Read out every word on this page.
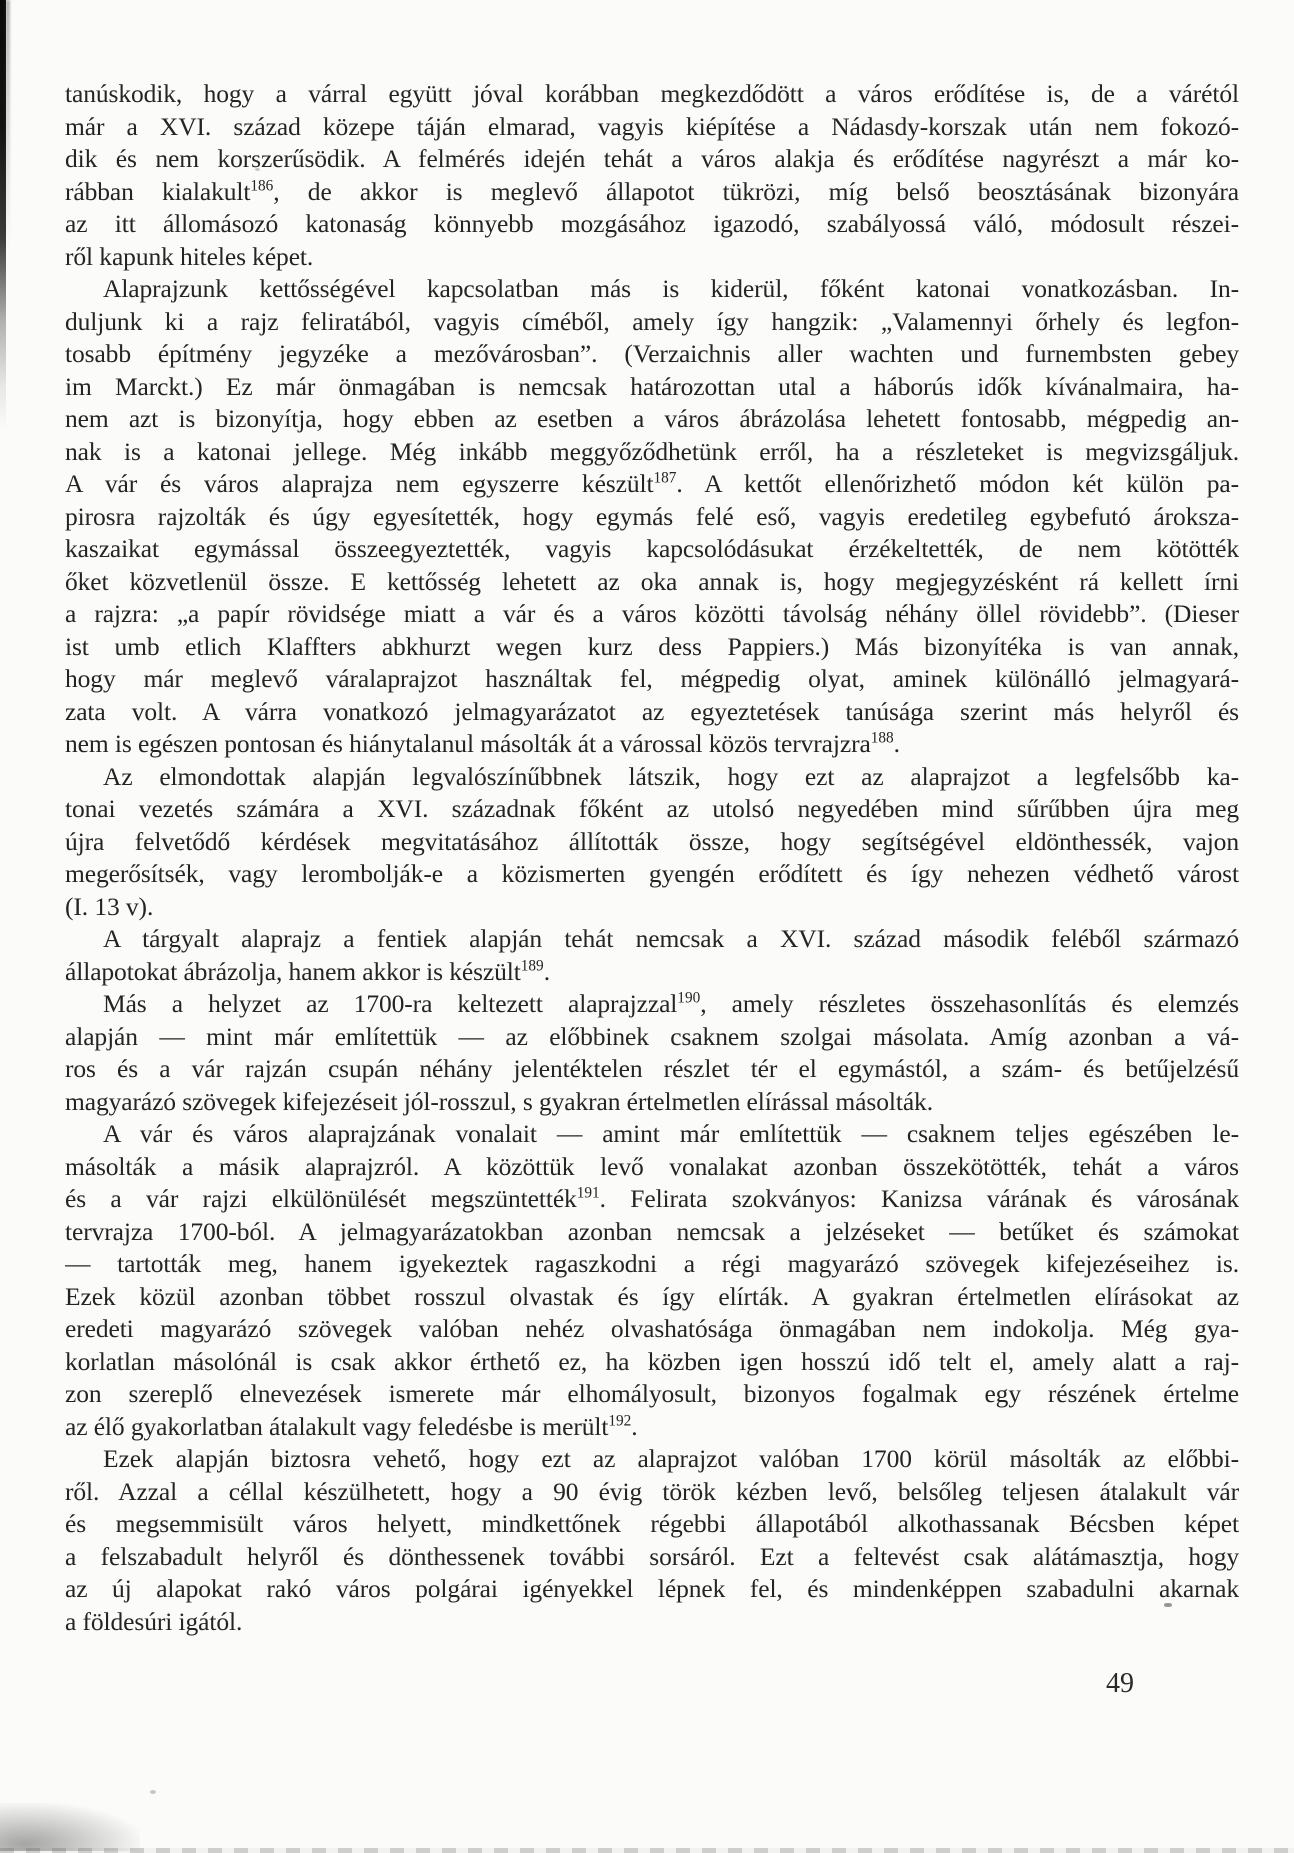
tanúskodik, hogy a várral együtt jóval korábban megkezdődött a város erődítése is, de a várétól
már a XVI. század közepe táján elmarad, vagyis kiépítése a Nádasdy-korszak után nem fokozó-
dik és nem korszerűsödik. A felmérés idején tehát a város alakja és erődítése nagyrészt a már ko-
rábban kialakult$^{186}$, de akkor is meglevő állapotot tükrözi, míg belső beosztásának bizonyára
az itt állomásozó katonaság könnyebb mozgásához igazodó, szabályossá váló, módosult részei-
ről kapunk hiteles képet.
Alaprajzunk kettősségével kapcsolatban más is kiderül, főként katonai vonatkozásban. In-
duljunk ki a rajz feliratából, vagyis címéből, amely így hangzik: „Valamennyi őrhely és legfon-
tosabb építmény jegyzéke a mezővárosban”. (Verzaichnis aller wachten und furnembsten gebey
im Marckt.) Ez már önmagában is nemcsak határozottan utal a háborús idők kívánalmaira, ha-
nem azt is bizonyítja, hogy ebben az esetben a város ábrázolása lehetett fontosabb, mégpedig an-
nak is a katonai jellege. Még inkább meggyőződhetünk erről, ha a részleteket is megvizsgáljuk.
A vár és város alaprajza nem egyszerre készült$^{187}$. A kettőt ellenőrizhető módon két külön pa-
pirosra rajzolták és úgy egyesítették, hogy egymás felé eső, vagyis eredetileg egybefutó ároksza-
kaszaikat egymással összeegyeztették, vagyis kapcsolódásukat érzékeltették, de nem kötötték
őket közvetlenül össze. E kettősség lehetett az oka annak is, hogy megjegyzésként rá kellett írni
a rajzra: „a papír rövidsége miatt a vár és a város közötti távolság néhány öllel rövidebb”. (Dieser
ist umb etlich Klaffters abkhurzt wegen kurz dess Pappiers.) Más bizonyítéka is van annak,
hogy már meglevő váralaprajzot használtak fel, mégpedig olyat, aminek különálló jelmagyará-
zata volt. A várra vonatkozó jelmagyarázatot az egyeztetések tanúsága szerint más helyről és
nem is egészen pontosan és hiánytalanul másolták át a várossal közös tervrajzra$^{188}$.
Az elmondottak alapján legvalószínűbbnek látszik, hogy ezt az alaprajzot a legfelsőbb ka-
tonai vezetés számára a XVI. századnak főként az utolsó negyedében mind sűrűbben újra meg
újra felvetődő kérdések megvitatásához állították össze, hogy segítségével eldönthessék, vajon
megerősítsék, vagy lerombolják-e a közismerten gyengén erődített és így nehezen védhető várost
(I. 13 v).
A tárgyalt alaprajz a fentiek alapján tehát nemcsak a XVI. század második feléből származó
állapotokat ábrázolja, hanem akkor is készült$^{189}$.
Más a helyzet az 1700-ra keltezett alaprajzzal$^{190}$, amely részletes összehasonlítás és elemzés
alapján — mint már említettük — az előbbinek csaknem szolgai másolata. Amíg azonban a vá-
ros és a vár rajzán csupán néhány jelentéktelen részlet tér el egymástól, a szám- és betűjelzésű
magyarázó szövegek kifejezéseit jól-rosszul, s gyakran értelmetlen elírással másolták.
A vár és város alaprajzának vonalait — amint már említettük — csaknem teljes egészében le-
másolták a másik alaprajzról. A közöttük levő vonalakat azonban összekötötték, tehát a város
és a vár rajzi elkülönülését megszüntették$^{191}$. Felirata szokványos: Kanizsa várának és városának
tervrajza 1700-ból. A jelmagyarázatokban azonban nemcsak a jelzéseket — betűket és számokat
— tartották meg, hanem igyekeztek ragaszkodni a régi magyarázó szövegek kifejezéseihez is.
Ezek közül azonban többet rosszul olvastak és így elírták. A gyakran értelmetlen elírásokat az
eredeti magyarázó szövegek valóban nehéz olvashatósága önmagában nem indokolja. Még gya-
korlatlan másolónál is csak akkor érthető ez, ha közben igen hosszú idő telt el, amely alatt a raj-
zon szereplő elnevezések ismerete már elhomályosult, bizonyos fogalmak egy részének értelme
az élő gyakorlatban átalakult vagy feledésbe is merült$^{192}$.
Ezek alapján biztosra vehető, hogy ezt az alaprajzot valóban 1700 körül másolták az előbbi-
ről. Azzal a céllal készülhetett, hogy a 90 évig török kézben levő, belsőleg teljesen átalakult vár
és megsemmisült város helyett, mindkettőnek régebbi állapotából alkothassanak Bécsben képet
a felszabadult helyről és dönthessenek további sorsáról. Ezt a feltevést csak alátámasztja, hogy
az új alapokat rakó város polgárai igényekkel lépnek fel, és mindenképpen szabadulni akarnak
a földesúri igától.
49
